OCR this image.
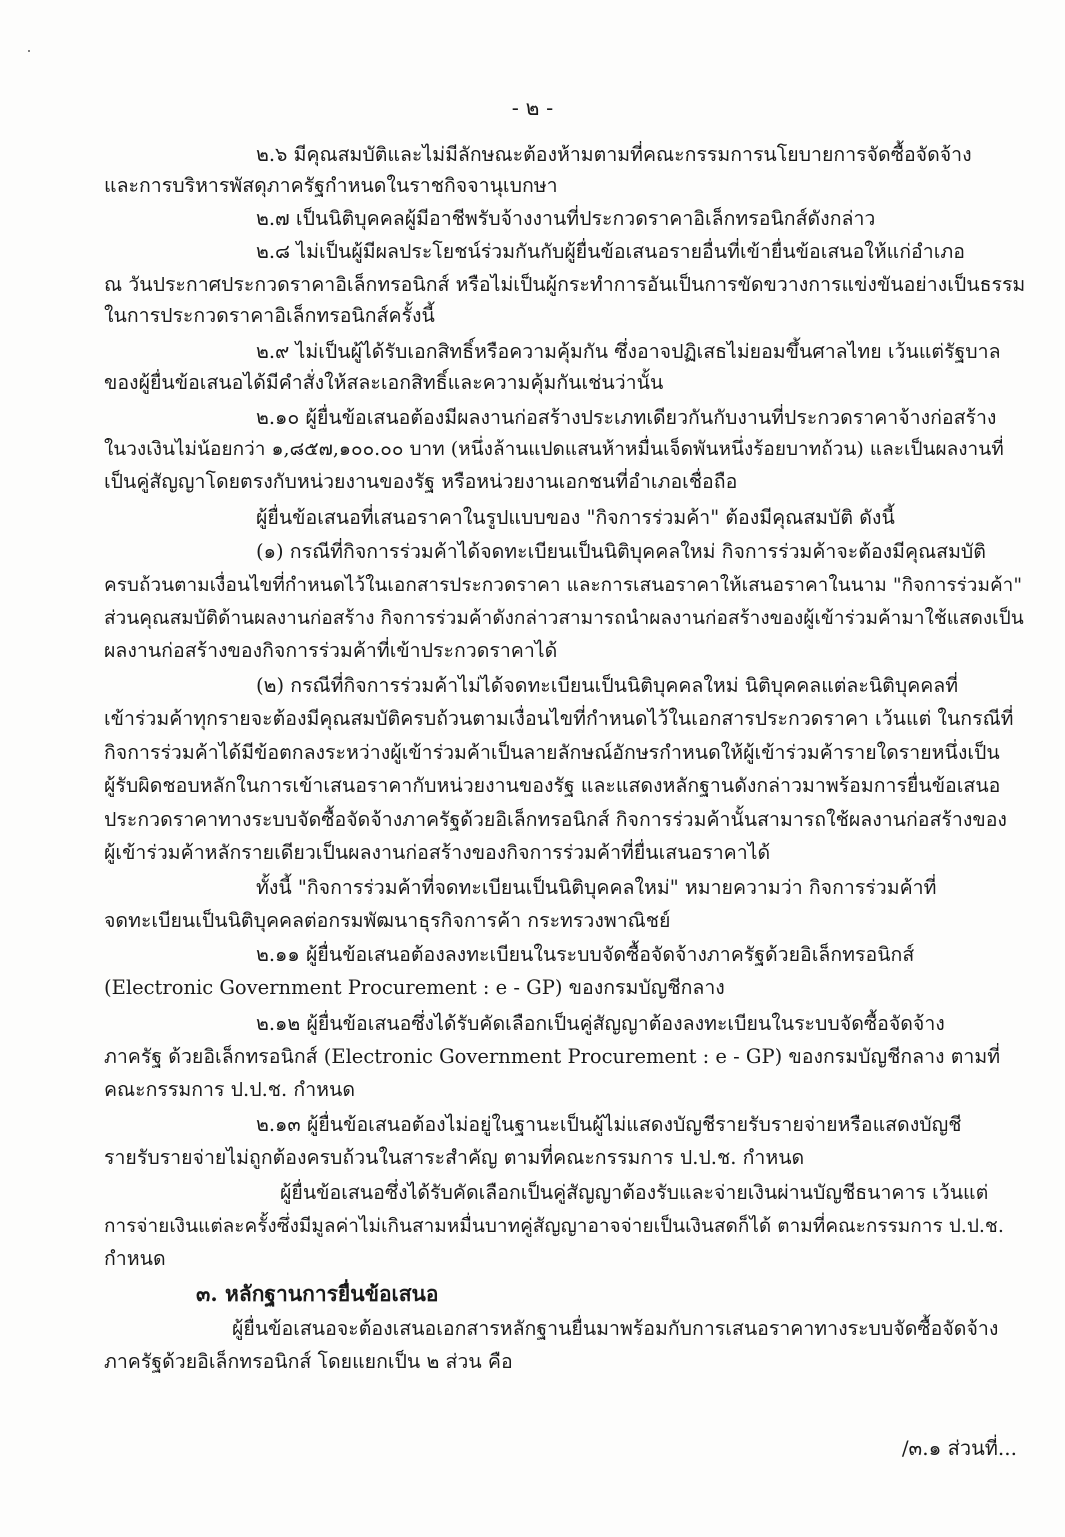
- ๒ -
๒.๖ มีคุณสมบัติและไม่มีลักษณะต้องห้ามตามที่คณะกรรมการนโยบายการจัดซื้อจัดจ้าง
และการบริหารพัสดุภาครัฐกำหนดในราชกิจจานุเบกษา
๒.๗ เป็นนิติบุคคลผู้มีอาชีพรับจ้างงานที่ประกวดราคาอิเล็กทรอนิกส์ดังกล่าว
๒.๘ ไม่เป็นผู้มีผลประโยชน์ร่วมกันกับผู้ยื่นข้อเสนอรายอื่นที่เข้ายื่นข้อเสนอให้แก่อำเภอ
ณ วันประกาศประกวดราคาอิเล็กทรอนิกส์ หรือไม่เป็นผู้กระทำการอันเป็นการขัดขวางการแข่งขันอย่างเป็นธรรม
ในการประกวดราคาอิเล็กทรอนิกส์ครั้งนี้
๒.๙ ไม่เป็นผู้ได้รับเอกสิทธิ์หรือความคุ้มกัน ซึ่งอาจปฏิเสธไม่ยอมขึ้นศาลไทย เว้นแต่รัฐบาล
ของผู้ยื่นข้อเสนอได้มีคำสั่งให้สละเอกสิทธิ์และความคุ้มกันเช่นว่านั้น
๒.๑๐ ผู้ยื่นข้อเสนอต้องมีผลงานก่อสร้างประเภทเดียวกันกับงานที่ประกวดราคาจ้างก่อสร้าง
ในวงเงินไม่น้อยกว่า ๑,๘๕๗,๑๐๐.๐๐ บาท (หนึ่งล้านแปดแสนห้าหมื่นเจ็ดพันหนึ่งร้อยบาทถ้วน) และเป็นผลงานที่
เป็นคู่สัญญาโดยตรงกับหน่วยงานของรัฐ หรือหน่วยงานเอกชนที่อำเภอเชื่อถือ
ผู้ยื่นข้อเสนอที่เสนอราคาในรูปแบบของ "กิจการร่วมค้า" ต้องมีคุณสมบัติ ดังนี้
(๑) กรณีที่กิจการร่วมค้าได้จดทะเบียนเป็นนิติบุคคลใหม่ กิจการร่วมค้าจะต้องมีคุณสมบัติ
ครบถ้วนตามเงื่อนไขที่กำหนดไว้ในเอกสารประกวดราคา และการเสนอราคาให้เสนอราคาในนาม "กิจการร่วมค้า"
ส่วนคุณสมบัติด้านผลงานก่อสร้าง กิจการร่วมค้าดังกล่าวสามารถนำผลงานก่อสร้างของผู้เข้าร่วมค้ามาใช้แสดงเป็น
ผลงานก่อสร้างของกิจการร่วมค้าที่เข้าประกวดราคาได้
(๒) กรณีที่กิจการร่วมค้าไม่ได้จดทะเบียนเป็นนิติบุคคลใหม่ นิติบุคคลแต่ละนิติบุคคลที่
เข้าร่วมค้าทุกรายจะต้องมีคุณสมบัติครบถ้วนตามเงื่อนไขที่กำหนดไว้ในเอกสารประกวดราคา เว้นแต่ ในกรณีที่
กิจการร่วมค้าได้มีข้อตกลงระหว่างผู้เข้าร่วมค้าเป็นลายลักษณ์อักษรกำหนดให้ผู้เข้าร่วมค้ารายใดรายหนึ่งเป็น
ผู้รับผิดชอบหลักในการเข้าเสนอราคากับหน่วยงานของรัฐ และแสดงหลักฐานดังกล่าวมาพร้อมการยื่นข้อเสนอ
ประกวดราคาทางระบบจัดซื้อจัดจ้างภาครัฐด้วยอิเล็กทรอนิกส์ กิจการร่วมค้านั้นสามารถใช้ผลงานก่อสร้างของ
ผู้เข้าร่วมค้าหลักรายเดียวเป็นผลงานก่อสร้างของกิจการร่วมค้าที่ยื่นเสนอราคาได้
ทั้งนี้ "กิจการร่วมค้าที่จดทะเบียนเป็นนิติบุคคลใหม่" หมายความว่า กิจการร่วมค้าที่
จดทะเบียนเป็นนิติบุคคลต่อกรมพัฒนาธุรกิจการค้า กระทรวงพาณิชย์
๒.๑๑ ผู้ยื่นข้อเสนอต้องลงทะเบียนในระบบจัดซื้อจัดจ้างภาครัฐด้วยอิเล็กทรอนิกส์
(Electronic Government Procurement : e - GP) ของกรมบัญชีกลาง
๒.๑๒ ผู้ยื่นข้อเสนอซึ่งได้รับคัดเลือกเป็นคู่สัญญาต้องลงทะเบียนในระบบจัดซื้อจัดจ้าง
ภาครัฐ ด้วยอิเล็กทรอนิกส์ (Electronic Government Procurement : e - GP) ของกรมบัญชีกลาง ตามที่
คณะกรรมการ ป.ป.ช. กำหนด
๒.๑๓ ผู้ยื่นข้อเสนอต้องไม่อยู่ในฐานะเป็นผู้ไม่แสดงบัญชีรายรับรายจ่ายหรือแสดงบัญชี
รายรับรายจ่ายไม่ถูกต้องครบถ้วนในสาระสำคัญ ตามที่คณะกรรมการ ป.ป.ช. กำหนด
ผู้ยื่นข้อเสนอซึ่งได้รับคัดเลือกเป็นคู่สัญญาต้องรับและจ่ายเงินผ่านบัญชีธนาคาร เว้นแต่
การจ่ายเงินแต่ละครั้งซึ่งมีมูลค่าไม่เกินสามหมื่นบาทคู่สัญญาอาจจ่ายเป็นเงินสดก็ได้ ตามที่คณะกรรมการ ป.ป.ช.
กำหนด
๓. หลักฐานการยื่นข้อเสนอ
ผู้ยื่นข้อเสนอจะต้องเสนอเอกสารหลักฐานยื่นมาพร้อมกับการเสนอราคาทางระบบจัดซื้อจัดจ้าง
ภาครัฐด้วยอิเล็กทรอนิกส์ โดยแยกเป็น ๒ ส่วน คือ
/๓.๑ ส่วนที่...
